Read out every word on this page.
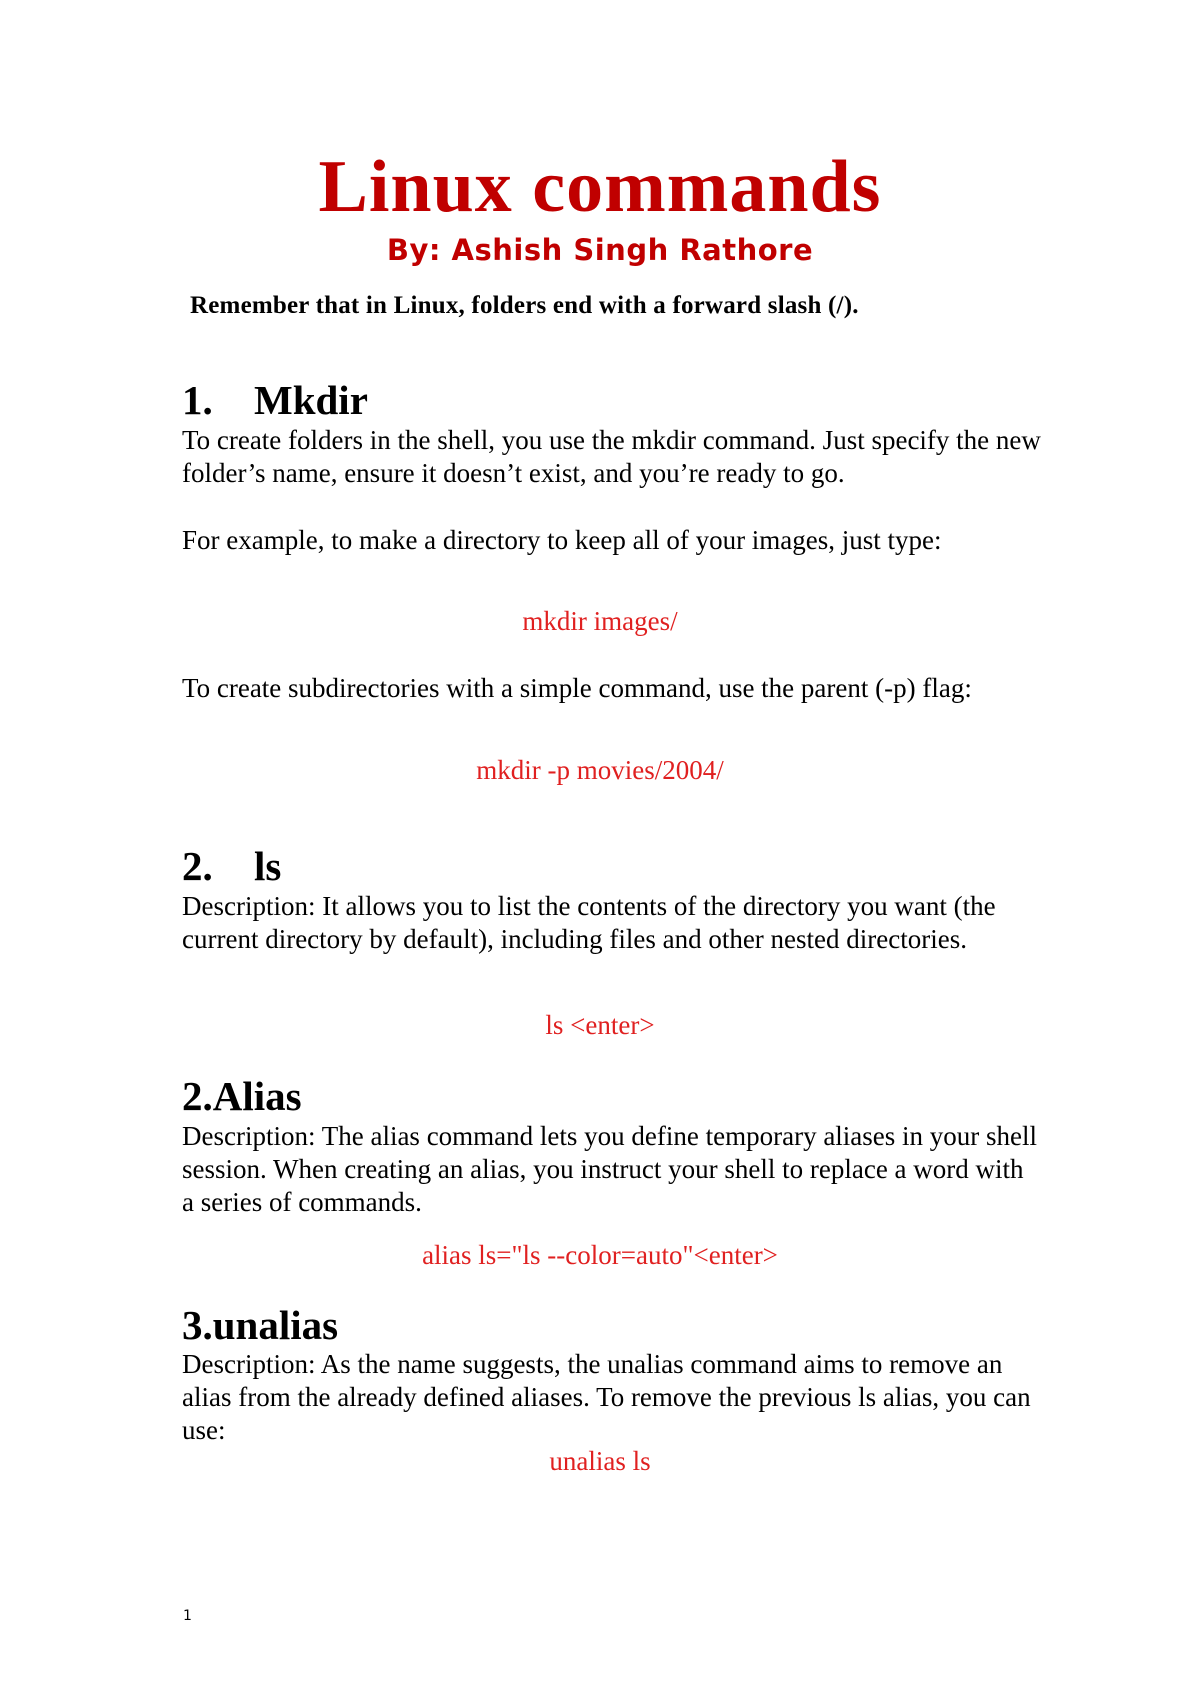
Linux commands
By: Ashish Singh Rathore
Remember that in Linux, folders end with a forward slash (/).
1. Mkdir
To create folders in the shell, you use the mkdir command. Just specify the new folder’s name, ensure it doesn’t exist, and you’re ready to go.
For example, to make a directory to keep all of your images, just type:
mkdir images/
To create subdirectories with a simple command, use the parent (-p) flag:
mkdir -p movies/2004/
2. ls
Description: It allows you to list the contents of the directory you want (the current directory by default), including files and other nested directories.
ls <enter>
2.Alias
Description: The alias command lets you define temporary aliases in your shell session. When creating an alias, you instruct your shell to replace a word with a series of commands.
alias ls="ls --color=auto"<enter>
3.unalias
Description: As the name suggests, the unalias command aims to remove an alias from the already defined aliases. To remove the previous ls alias, you can use:
unalias ls
1
